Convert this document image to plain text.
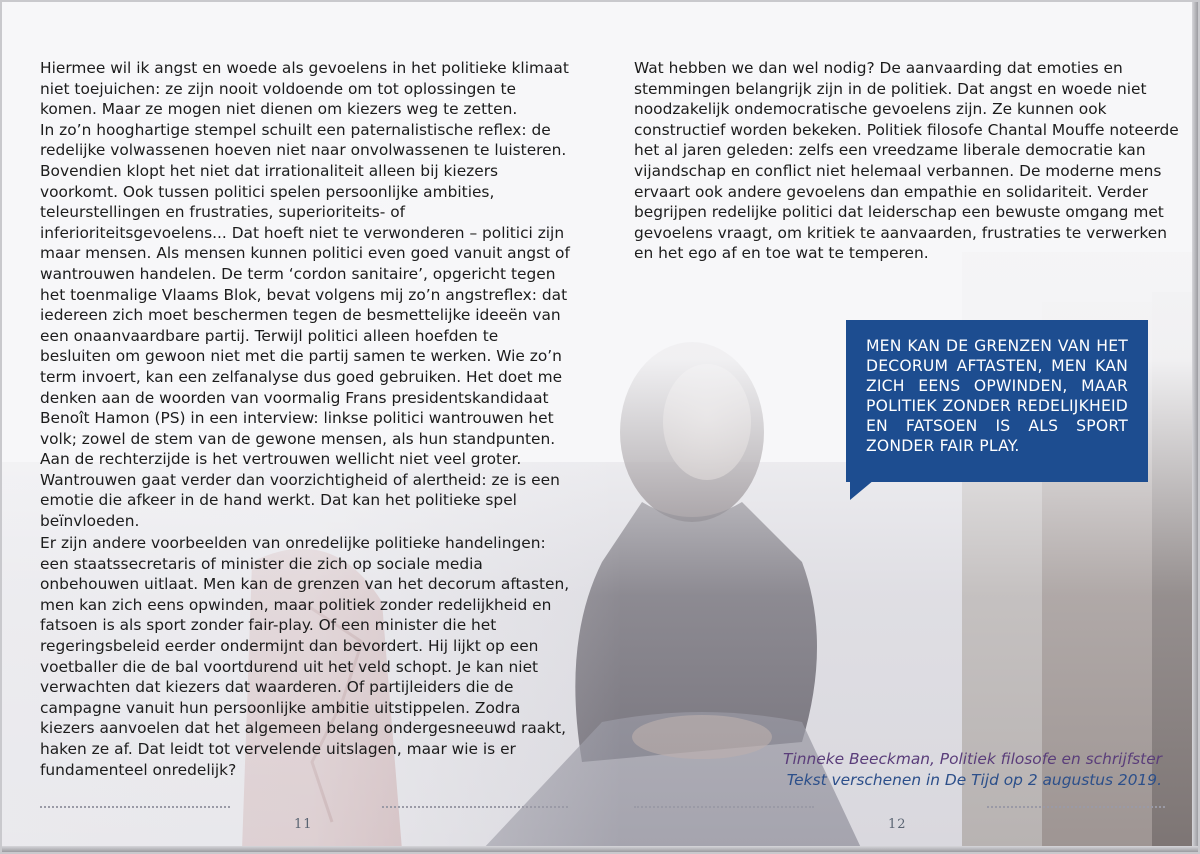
Hiermee wil ik angst en woede als gevoelens in het politieke klimaat niet toejuichen: ze zijn nooit voldoende om tot oplossingen te komen. Maar ze mogen niet dienen om kiezers weg te zetten.

In zo’n hooghartige stempel schuilt een paternalistische reflex: de redelijke volwassenen hoeven niet naar onvolwassenen te luisteren. Bovendien klopt het niet dat irrationaliteit alleen bij kiezers voorkomt. Ook tussen politici spelen persoonlijke ambities, teleurstellingen en frustraties, superioriteits- of inferioriteitsgevoelens... Dat hoeft niet te verwonderen – politici zijn maar mensen. Als mensen kunnen politici even goed vanuit angst of wantrouwen handelen. De term ‘cordon sanitaire’, opgericht tegen het toenmalige Vlaams Blok, bevat volgens mij zo’n angstreflex: dat iedereen zich moet beschermen tegen de besmettelijke ideeën van een onaanvaardbare partij. Terwijl politici alleen hoefden te besluiten om gewoon niet met die partij samen te werken. Wie zo’n term invoert, kan een zelfanalyse dus goed gebruiken. Het doet me denken aan de woorden van voormalig Frans presidentskandidaat Benoît Hamon (PS) in een interview: linkse politici wantrouwen het volk; zowel de stem van de gewone mensen, als hun standpunten. Aan de rechterzijde is het vertrouwen wellicht niet veel groter. Wantrouwen gaat verder dan voorzichtigheid of alertheid: ze is een emotie die afkeer in de hand werkt. Dat kan het politieke spel beïnvloeden.

Er zijn andere voorbeelden van onredelijke politieke handelingen: een staatssecretaris of minister die zich op sociale media onbehouwen uitlaat. Men kan de grenzen van het decorum aftasten, men kan zich eens opwinden, maar politiek zonder redelijkheid en fatsoen is als sport zonder fair-play. Of een minister die het regeringsbeleid eerder ondermijnt dan bevordert. Hij lijkt op een voetballer die de bal voortdurend uit het veld schopt. Je kan niet verwachten dat kiezers dat waarderen. Of partijleiders die de campagne vanuit hun persoonlijke ambitie uitstippelen. Zodra kiezers aanvoelen dat het algemeen belang ondergesneeuwd raakt, haken ze af. Dat leidt tot vervelende uitslagen, maar wie is er fundamenteel onredelijk?

Wat hebben we dan wel nodig? De aanvaarding dat emoties en stemmingen belangrijk zijn in de politiek. Dat angst en woede niet noodzakelijk ondemocratische gevoelens zijn. Ze kunnen ook constructief worden bekeken. Politiek filosofe Chantal Mouffe noteerde het al jaren geleden: zelfs een vreedzame liberale democratie kan vijandschap en conflict niet helemaal verbannen. De moderne mens ervaart ook andere gevoelens dan empathie en solidariteit. Verder begrijpen redelijke politici dat leiderschap een bewuste omgang met gevoelens vraagt, om kritiek te aanvaarden, frustraties te verwerken en het ego af en toe wat te temperen.

MEN KAN DE GRENZEN VAN HET DECORUM AFTASTEN, MEN KAN ZICH EENS OPWINDEN, MAAR POLITIEK ZONDER REDELIJKHEID EN FATSOEN IS ALS SPORT ZONDER FAIR PLAY.
Tinneke Beeckman, Politiek filosofe en schrijfster
Tekst verschenen in De Tijd op 2 augustus 2019.
11	12
